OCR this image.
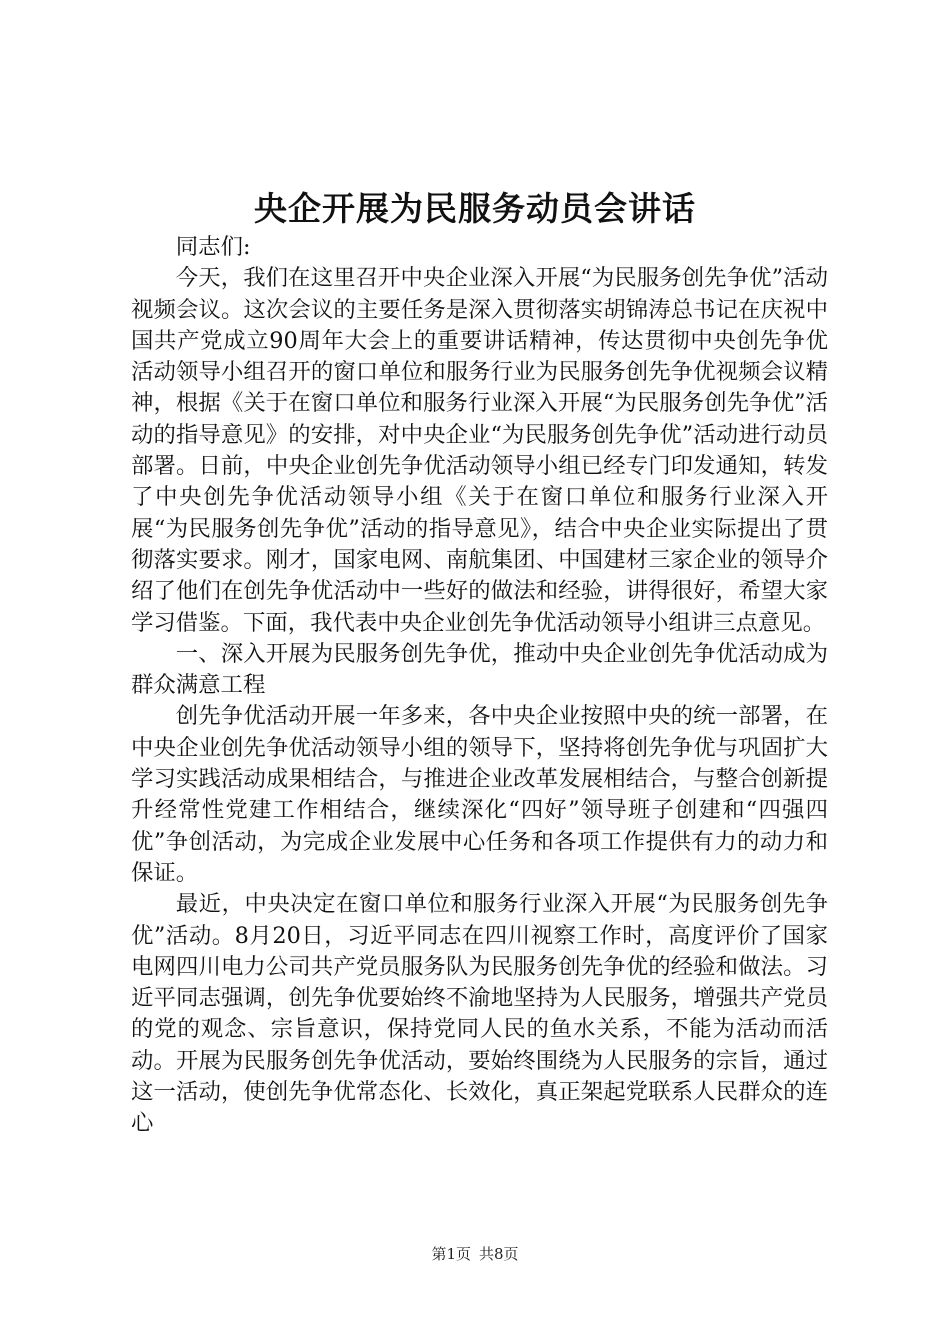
央企开展为民服务动员会讲话

同志们:

今天，我们在这里召开中央企业深入开展“为民服务创先争优”活动视频会议。这次会议的主要任务是深入贯彻落实胡锦涛总书记在庆祝中国共产党成立90周年大会上的重要讲话精神，传达贯彻中央创先争优活动领导小组召开的窗口单位和服务行业为民服务创先争优视频会议精神，根据《关于在窗口单位和服务行业深入开展“为民服务创先争优”活动的指导意见》的安排，对中央企业“为民服务创先争优”活动进行动员部署。日前，中央企业创先争优活动领导小组已经专门印发通知，转发了中央创先争优活动领导小组《关于在窗口单位和服务行业深入开展“为民服务创先争优”活动的指导意见》，结合中央企业实际提出了贯彻落实要求。刚才，国家电网、南航集团、中国建材三家企业的领导介绍了他们在创先争优活动中一些好的做法和经验，讲得很好，希望大家学习借鉴。下面，我代表中央企业创先争优活动领导小组讲三点意见。

一、深入开展为民服务创先争优，推动中央企业创先争优活动成为群众满意工程

创先争优活动开展一年多来，各中央企业按照中央的统一部署，在中央企业创先争优活动领导小组的领导下，坚持将创先争优与巩固扩大学习实践活动成果相结合，与推进企业改革发展相结合，与整合创新提升经常性党建工作相结合，继续深化“四好”领导班子创建和“四强四优”争创活动，为完成企业发展中心任务和各项工作提供有力的动力和保证。

最近，中央决定在窗口单位和服务行业深入开展“为民服务创先争优”活动。8月20日，习近平同志在四川视察工作时，高度评价了国家电网四川电力公司共产党员服务队为民服务创先争优的经验和做法。习近平同志强调，创先争优要始终不渝地坚持为人民服务，增强共产党员的党的观念、宗旨意识，保持党同人民的鱼水关系，不能为活动而活动。开展为民服务创先争优活动，要始终围绕为人民服务的宗旨，通过这一活动，使创先争优常态化、长效化，真正架起党联系人民群众的连心

第1页 共8页
